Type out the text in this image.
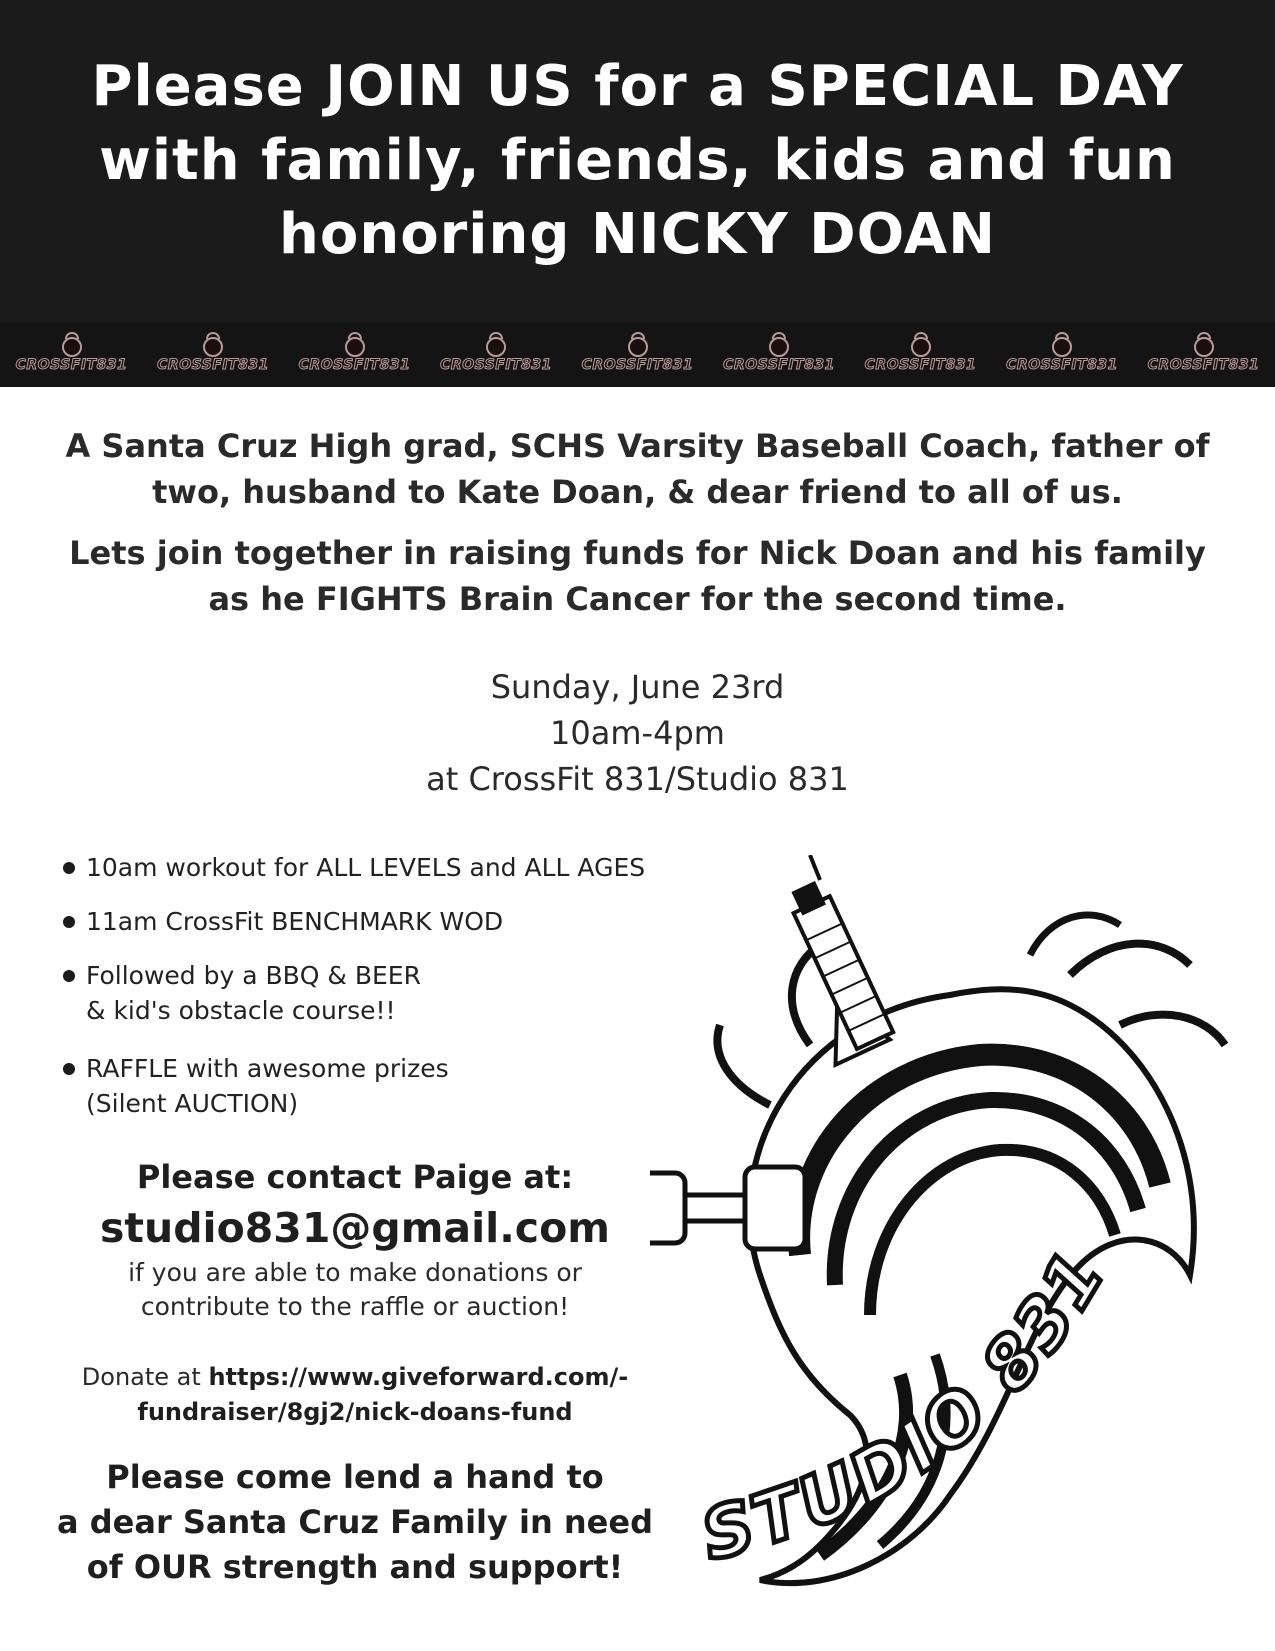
Please JOIN US for a SPECIAL DAY
with family, friends, kids and fun
honoring NICKY DOAN
CROSSFIT831	CROSSFIT831	CROSSFIT831	CROSSFIT831	CROSSFIT831	CROSSFIT831	CROSSFIT831	CROSSFIT831	CROSSFIT831
A Santa Cruz High grad, SCHS Varsity Baseball Coach, father of
two, husband to Kate Doan, & dear friend to all of us.
Lets join together in raising funds for Nick Doan and his family
as he FIGHTS Brain Cancer for the second time.
Sunday, June 23rd
10am-4pm
at CrossFit 831/Studio 831
10am workout for ALL LEVELS and ALL AGES
11am CrossFit BENCHMARK WOD
Followed by a BBQ & BEER
& kid's obstacle course!!
RAFFLE with awesome prizes
(Silent AUCTION)
Please contact Paige at:
studio831@gmail.com
if you are able to make donations or
contribute to the raffle or auction!
Donate at https://www.giveforward.com/-
fundraiser/8gj2/nick-doans-fund
Please come lend a hand to
a dear Santa Cruz Family in need
of OUR strength and support!	STUDIO 831
